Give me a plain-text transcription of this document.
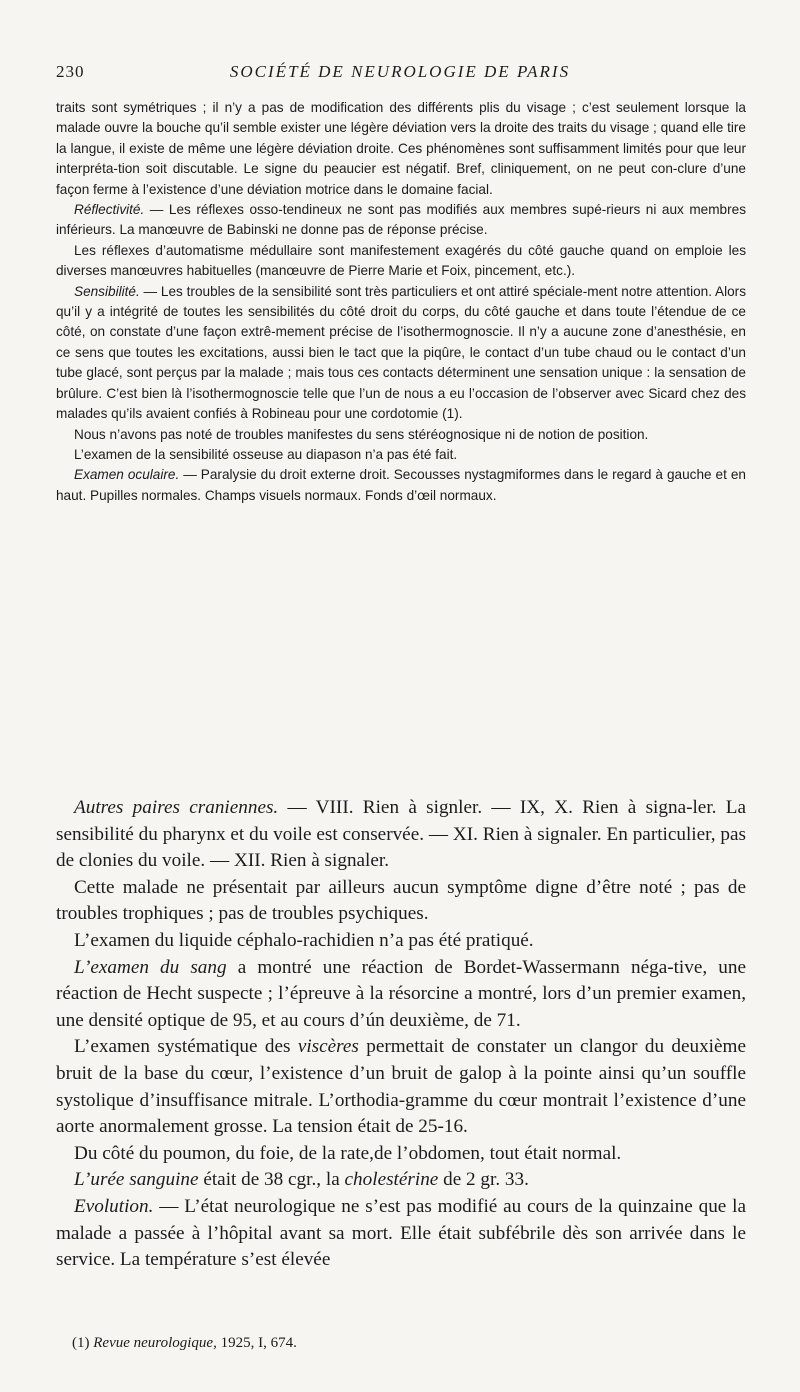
230	SOCIÉTÉ DE NEUROLOGIE DE PARIS

traits sont symétriques ; il n’y a pas de modification des différents plis du visage ; c’est seulement lorsque la malade ouvre la bouche qu’il semble exister une légère déviation vers la droite des traits du visage ; quand elle tire la langue, il existe de même une légère déviation droite. Ces phénomènes sont suffisamment limités pour que leur interpréta-tion soit discutable. Le signe du peaucier est négatif. Bref, cliniquement, on ne peut con-clure d’une façon ferme à l’existence d’une déviation motrice dans le domaine facial.

Réflectivité. — Les réflexes osso-tendineux ne sont pas modifiés aux membres supé-rieurs ni aux membres inférieurs. La manœuvre de Babinski ne donne pas de réponse précise.

Les réflexes d’automatisme médullaire sont manifestement exagérés du côté gauche quand on emploie les diverses manœuvres habituelles (manœuvre de Pierre Marie et Foix, pincement, etc.).

Sensibilité. — Les troubles de la sensibilité sont très particuliers et ont attiré spéciale-ment notre attention. Alors qu’il y a intégrité de toutes les sensibilités du côté droit du corps, du côté gauche et dans toute l’étendue de ce côté, on constate d’une façon extrê-mement précise de l’isothermognoscie. Il n’y a aucune zone d’anesthésie, en ce sens que toutes les excitations, aussi bien le tact que la piqûre, le contact d’un tube chaud ou le contact d’un tube glacé, sont perçus par la malade ; mais tous ces contacts déterminent une sensation unique : la sensation de brûlure. C’est bien là l’isothermognoscie telle que l’un de nous a eu l’occasion de l’observer avec Sicard chez des malades qu’ils avaient confiés à Robineau pour une cordotomie (1).

Nous n’avons pas noté de troubles manifestes du sens stéréognosique ni de notion de position.

L’examen de la sensibilité osseuse au diapason n’a pas été fait.

Examen oculaire. — Paralysie du droit externe droit. Secousses nystagmiformes dans le regard à gauche et en haut. Pupilles normales. Champs visuels normaux. Fonds d’œil normaux.

Autres paires craniennes. — VIII. Rien à signler. — IX, X. Rien à signa-ler. La sensibilité du pharynx et du voile est conservée. — XI. Rien à signaler. En particulier, pas de clonies du voile. — XII. Rien à signaler.

Cette malade ne présentait par ailleurs aucun symptôme digne d’être noté ; pas de troubles trophiques ; pas de troubles psychiques.

L’examen du liquide céphalo-rachidien n’a pas été pratiqué.

L’examen du sang a montré une réaction de Bordet-Wassermann néga-tive, une réaction de Hecht suspecte ; l’épreuve à la résorcine a montré, lors d’un premier examen, une densité optique de 95, et au cours d’ún deuxième, de 71.

L’examen systématique des viscères permettait de constater un clangor du deuxième bruit de la base du cœur, l’existence d’un bruit de galop à la pointe ainsi qu’un souffle systolique d’insuffisance mitrale. L’orthodia-gramme du cœur montrait l’existence d’une aorte anormalement grosse. La tension était de 25-16.

Du côté du poumon, du foie, de la rate,de l’obdomen, tout était normal.

L’urée sanguine était de 38 cgr., la cholestérine de 2 gr. 33.

Evolution. — L’état neurologique ne s’est pas modifié au cours de la quinzaine que la malade a passée à l’hôpital avant sa mort. Elle était subfébrile dès son arrivée dans le service. La température s’est élevée

(1) Revue neurologique, 1925, I, 674.
